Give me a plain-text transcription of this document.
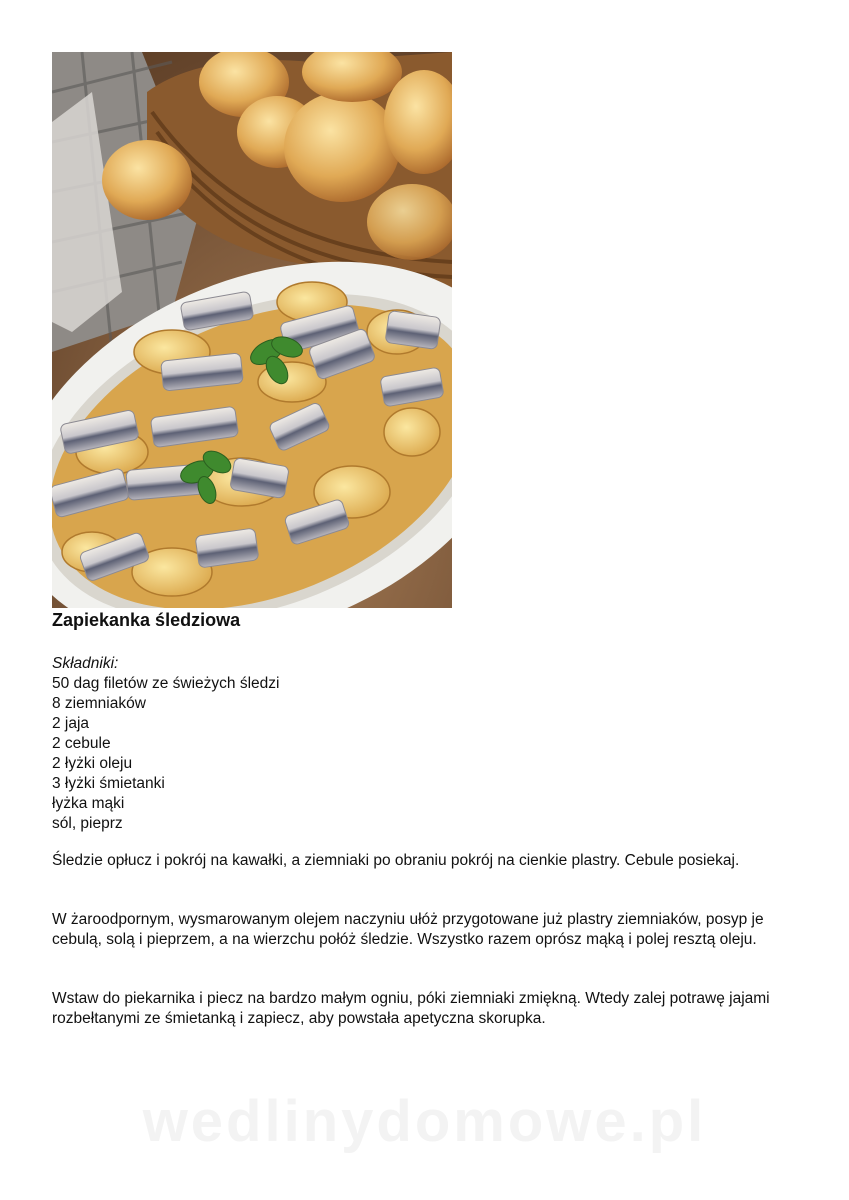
Zapiekanka śledziowa
Składniki:
50 dag filetów ze świeżych śledzi
8 ziemniaków
2 jaja
2 cebule
2 łyżki oleju
3 łyżki śmietanki
łyżka mąki
sól, pieprz

Śledzie opłucz i pokrój na kawałki, a ziemniaki po obraniu pokrój na cienkie plastry. Cebule posiekaj.

W żaroodpornym, wysmarowanym olejem naczyniu ułóż przygotowane już plastry ziemniaków, posyp je cebulą, solą i pieprzem, a na wierzchu połóż śledzie. Wszystko razem oprósz mąką i polej resztą oleju.

Wstaw do piekarnika i piecz na bardzo małym ogniu, póki ziemniaki zmiękną. Wtedy zalej potrawę jajami rozbełtanymi ze śmietanką i zapiecz, aby powstała apetyczna skorupka.

wedlinydomowe.pl
